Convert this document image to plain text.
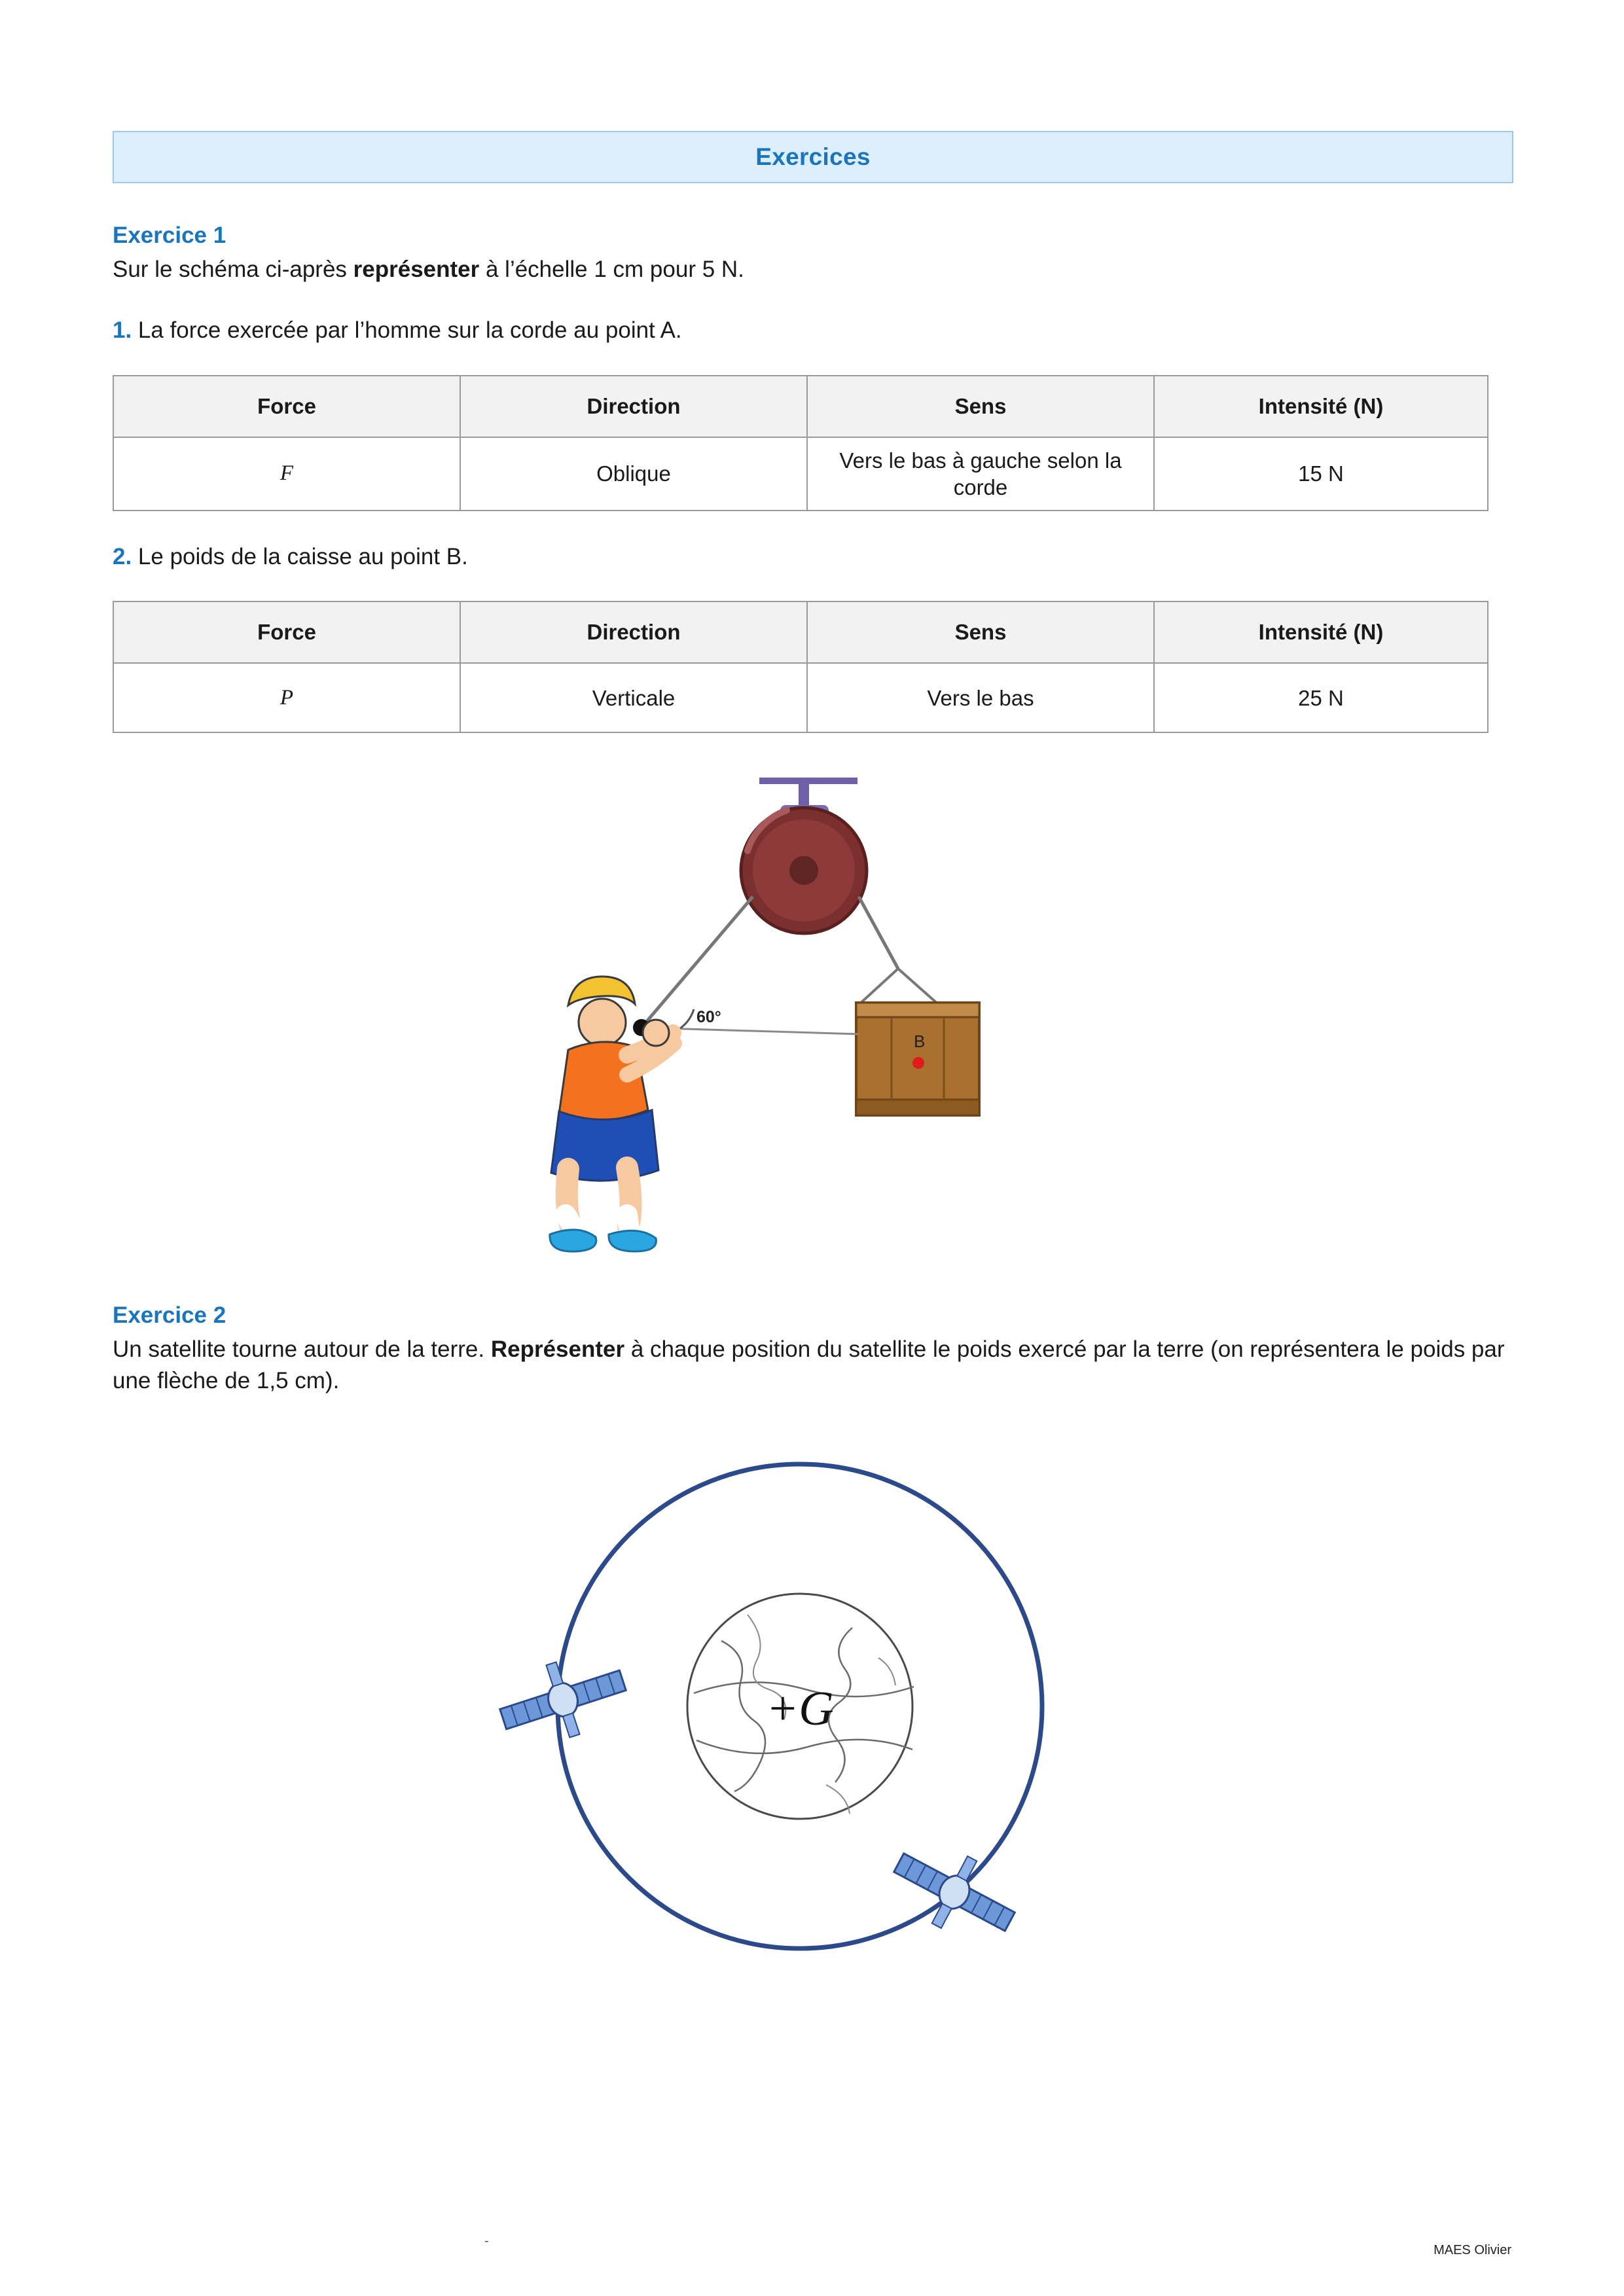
Exercices
Exercice 1

Sur le schéma ci-après représenter à l’échelle 1 cm pour 5 N.

1. La force exercée par l’homme sur la corde au point A.

Force	Direction	Sens	Intensité (N)
F	Oblique	Vers le bas à gauche selon la corde	15 N

2. Le poids de la caisse au point B.

Force	Direction	Sens	Intensité (N)
P	Verticale	Vers le bas	25 N
B
60°
Exercice 2

Un satellite tourne autour de la terre. Représenter à chaque position du satellite le poids exercé par la terre (on représentera le poids par une flèche de 1,5 cm).

+G
-
MAES Olivier
